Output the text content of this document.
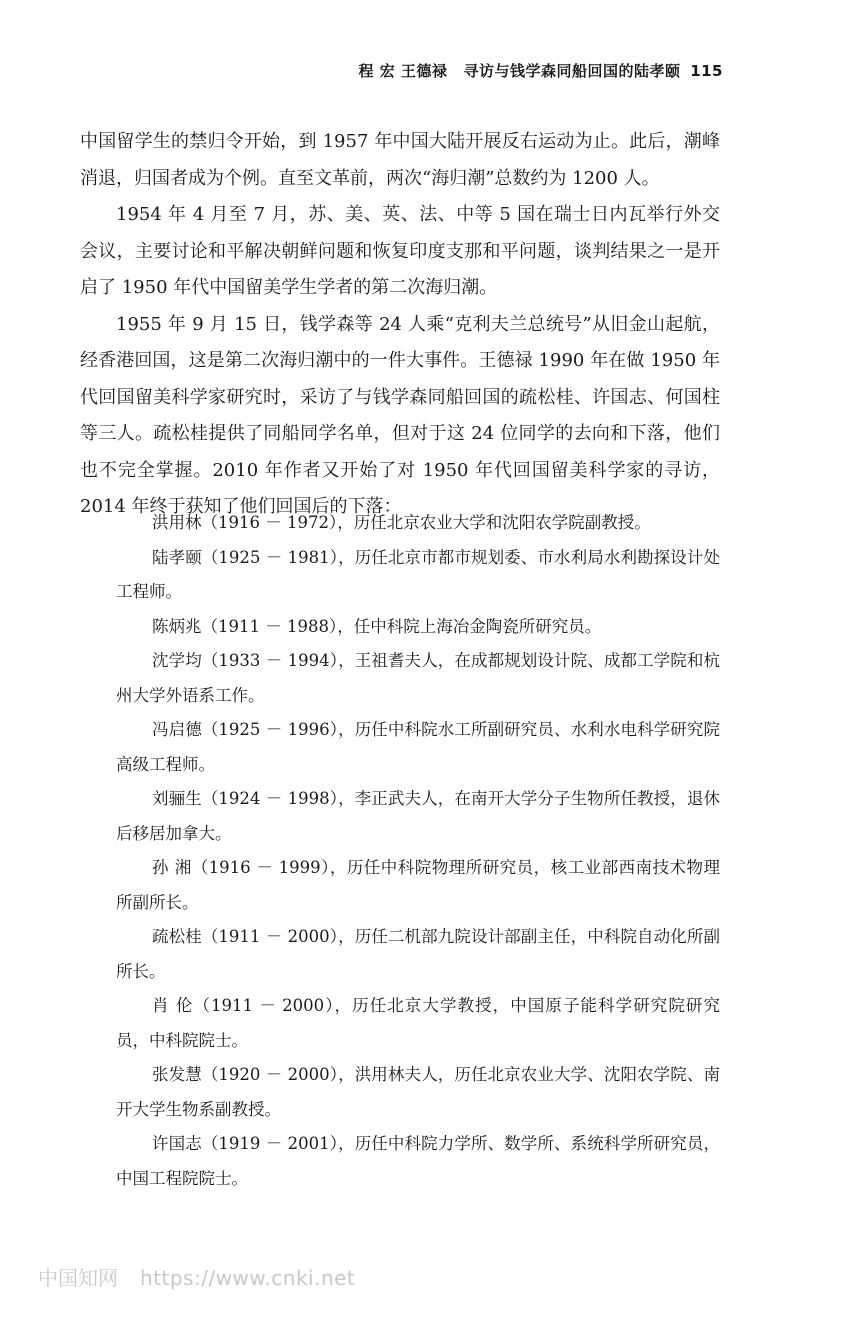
程 宏 王德禄 寻访与钱学森同船回国的陆孝颐 115

中国留学生的禁归令开始，到 1957 年中国大陆开展反右运动为止。此后，潮峰消退，归国者成为个例。直至文革前，两次“海归潮”总数约为 1200 人。

1954 年 4 月至 7 月，苏、美、英、法、中等 5 国在瑞士日内瓦举行外交会议，主要讨论和平解决朝鲜问题和恢复印度支那和平问题，谈判结果之一是开启了 1950 年代中国留美学生学者的第二次海归潮。

1955 年 9 月 15 日，钱学森等 24 人乘“克利夫兰总统号”从旧金山起航，经香港回国，这是第二次海归潮中的一件大事件。王德禄 1990 年在做 1950 年代回国留美科学家研究时，采访了与钱学森同船回国的疏松桂、许国志、何国柱等三人。疏松桂提供了同船同学名单，但对于这 24 位同学的去向和下落，他们也不完全掌握。2010 年作者又开始了对 1950 年代回国留美科学家的寻访，2014 年终于获知了他们回国后的下落：

洪用林（1916 － 1972），历任北京农业大学和沈阳农学院副教授。

陆孝颐（1925 － 1981），历任北京市都市规划委、市水利局水利勘探设计处工程师。

陈炳兆（1911 － 1988），任中科院上海冶金陶瓷所研究员。

沈学均（1933 － 1994），王祖耆夫人，在成都规划设计院、成都工学院和杭州大学外语系工作。

冯启德（1925 － 1996），历任中科院水工所副研究员、水利水电科学研究院高级工程师。

刘骊生（1924 － 1998），李正武夫人，在南开大学分子生物所任教授，退休后移居加拿大。

孙 湘（1916 － 1999），历任中科院物理所研究员，核工业部西南技术物理所副所长。

疏松桂（1911 － 2000），历任二机部九院设计部副主任，中科院自动化所副所长。

肖 伦（1911 － 2000），历任北京大学教授，中国原子能科学研究院研究员，中科院院士。

张发慧（1920 － 2000），洪用林夫人，历任北京农业大学、沈阳农学院、南开大学生物系副教授。

许国志（1919 － 2001），历任中科院力学所、数学所、系统科学所研究员，中国工程院院士。

中国知网 https://www.cnki.net
